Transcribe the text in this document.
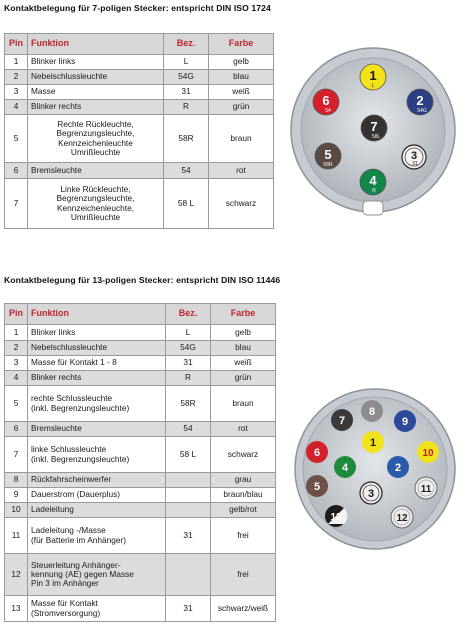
Kontaktbelegung für 7-poligen Stecker: entspricht DIN ISO 1724
Pin	Funktion	Bez.	Farbe
1	Blinker links	L	gelb
2	Nebelschlussleuchte	54G	blau
3	Masse	31	weiß
4	Blinker rechts	R	grün
5	Rechte Rückleuchte,
Begrenzungsleuchte,
Kennzeichenleuchte
Umrißleuchte	58R	braun
6	Bremsleuchte	54	rot
7	Linke Rückleuchte,
Begrenzungsleuchte,
Kennzeichenleuchte,
Umrißleuchte	58 L	schwarz
1
L
2
54G
3
31
4
R
5
58R
6
54
7
58L
Kontaktbelegung für 13-poligen Stecker: entspricht DIN ISO 11446
Pin	Funktion	Bez.	Farbe
1	Blinker links	L	gelb
2	Nebelschlussleuchte	54G	blau
3	Masse für Kontakt 1 - 8	31	weiß
4	Blinker rechts	R	grün
5	rechte Schlussleuchte
(inkl. Begrenzungsleuchte)	58R	braun
6	Bremsleuchte	54	rot
7	linke Schlussleuchte
(inkl. Begrenzungsleuchte)	58 L	schwarz
8	Rückfahrscheinwerfer		grau
9	Dauerstrom (Dauerplus)		braun/blau
10	Ladeleitung		gelb/rot
11	Ladeleitung -/Masse
(für Batterie im Anhänger)	31	frei
12	Steuerleitung Anhänger-
kennung (AE) gegen Masse
Pin 3 im Anhänger		frei
13	Masse für Kontakt
(Stromversorgung)	31	schwarz/weiß
7
8
9
6
1
10
4	2
5
3	11
13	12
